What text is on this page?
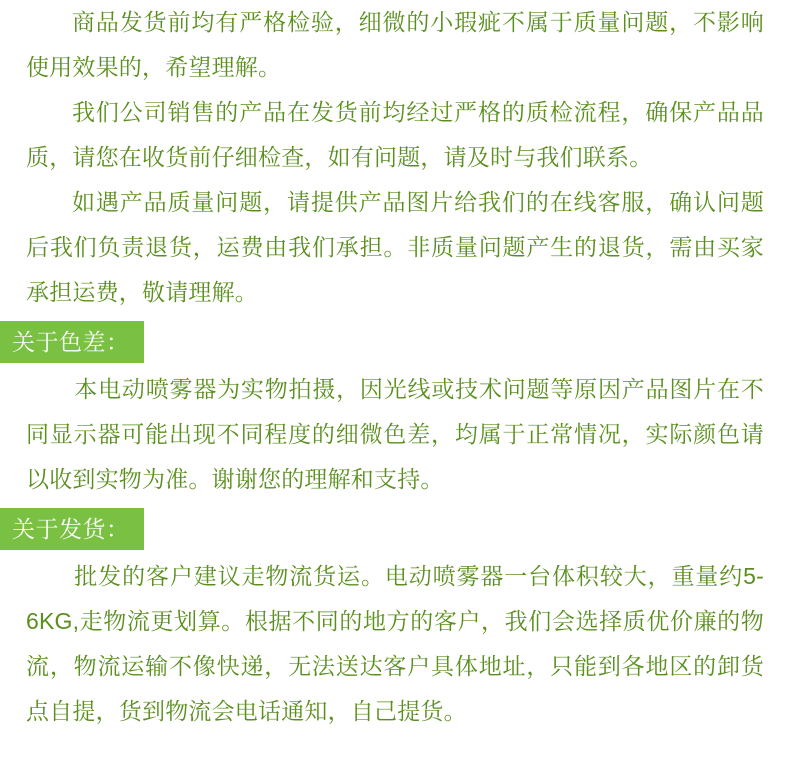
商品发货前均有严格检验，细微的小瑕疵不属于质量问题，不影响使用效果的，希望理解。

我们公司销售的产品在发货前均经过严格的质检流程，确保产品品质，请您在收货前仔细检查，如有问题，请及时与我们联系。

如遇产品质量问题，请提供产品图片给我们的在线客服，确认问题后我们负责退货，运费由我们承担。非质量问题产生的退货，需由买家承担运费，敬请理解。

关于色差：

本电动喷雾器为实物拍摄，因光线或技术问题等原因产品图片在不同显示器可能出现不同程度的细微色差，均属于正常情况，实际颜色请以收到实物为准。谢谢您的理解和支持。

关于发货：

批发的客户建议走物流货运。电动喷雾器一台体积较大，重量约5-6KG,走物流更划算。根据不同的地方的客户，我们会选择质优价廉的物流，物流运输不像快递，无法送达客户具体地址，只能到各地区的卸货点自提，货到物流会电话通知，自己提货。
